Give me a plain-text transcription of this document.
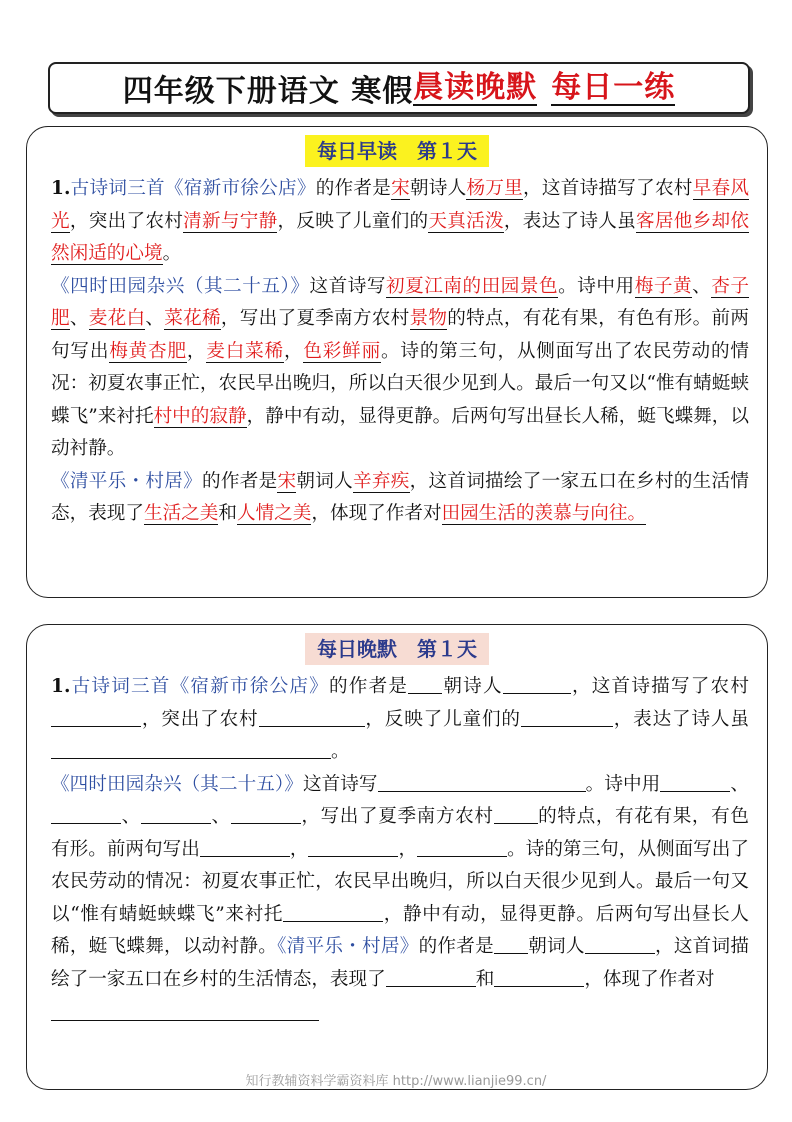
四年级下册语文 寒假 晨读晚默 每日一练
每日早读　第１天

1.古诗词三首《宿新市徐公店》的作者是宋朝诗人杨万里，这首诗描写了农村早春风光，突出了农村清新与宁静，反映了儿童们的天真活泼，表达了诗人虽客居他乡却依然闲适的心境。

《四时田园杂兴（其二十五）》这首诗写初夏江南的田园景色。诗中用梅子黄、杏子肥、麦花白、菜花稀，写出了夏季南方农村景物的特点，有花有果，有色有形。前两句写出梅黄杏肥，麦白菜稀，色彩鲜丽。诗的第三句，从侧面写出了农民劳动的情况：初夏农事正忙，农民早出晚归，所以白天很少见到人。最后一句又以“惟有蜻蜓蛱蝶飞”来衬托村中的寂静，静中有动，显得更静。后两句写出昼长人稀，蜓飞蝶舞，以动衬静。

《清平乐・村居》的作者是宋朝词人辛弃疾，这首词描绘了一家五口在乡村的生活情态，表现了生活之美和人情之美，体现了作者对田园生活的羡慕与向往。

每日晚默　第１天

1.古诗词三首《宿新市徐公店》的作者是 朝诗人	，这首诗描写了农村，突出了农村	，反映了儿童们的	，表达了诗人虽。

《四时田园杂兴（其二十五）》这首诗写	。诗中用	、、	、	，写出了夏季南方农村 的特点，有花有果，有色有形。前两句写出	，	，	。诗的第三句，从侧面写出了农民劳动的情况：初夏农事正忙，农民早出晚归，所以白天很少见到人。最后一句又以“惟有蜻蜓蛱蝶飞”来衬托	，静中有动，显得更静。后两句写出昼长人稀，蜓飞蝶舞，以动衬静。《清平乐・村居》的作者是 朝词人	，这首词描绘了一家五口在乡村的生活情态，表现了	和	，体现了作者对

知行教辅资料学霸资料库 http://www.lianjie99.cn/
